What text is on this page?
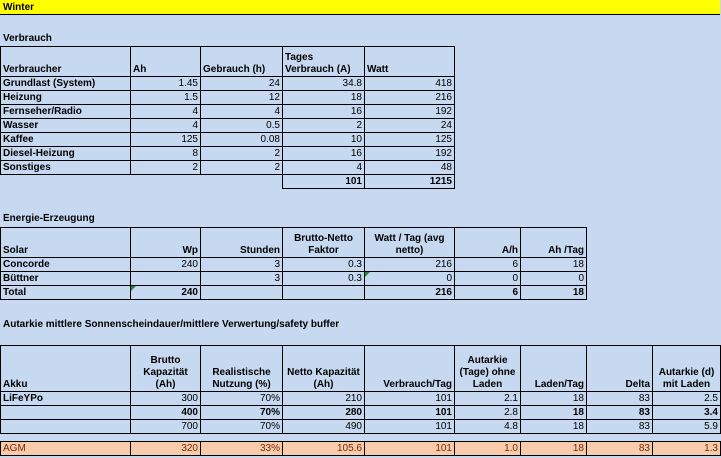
Winter
Verbrauch
Verbraucher	Ah	Gebrauch (h)	Tages Verbrauch (A)	Watt
Grundlast (System)	1.45	24	34.8	418
Heizung	1.5	12	18	216
Fernseher/Radio	4	4	16	192
Wasser	4	0.5	2	24
Kaffee	125	0.08	10	125
Diesel-Heizung	8	2	16	192
Sonstiges	2	2	4	48
			101	1215
Energie-Erzeugung
Solar	Wp	Stunden	Brutto-Netto Faktor	Watt / Tag (avg netto)	A/h	Ah /Tag
Concorde	240	3	0.3	216	6	18
Büttner		3	0.3	0	0	0
Total	240			216	6	18
Autarkie mittlere Sonnenscheindauer/mittlere Verwertung/safety buffer
Akku	Brutto Kapazität (Ah)	Realistische Nutzung (%)	Netto Kapazität (Ah)	Verbrauch/Tag	Autarkie (Tage) ohne Laden	Laden/Tag	Delta	Autarkie (d) mit Laden
LiFeYPo	300	70%	210	101	2.1	18	83	2.5
	400	70%	280	101	2.8	18	83	3.4
	700	70%	490	101	4.8	18	83	5.9

AGM	320	33%	105.6	101	1.0	18	83	1.3
